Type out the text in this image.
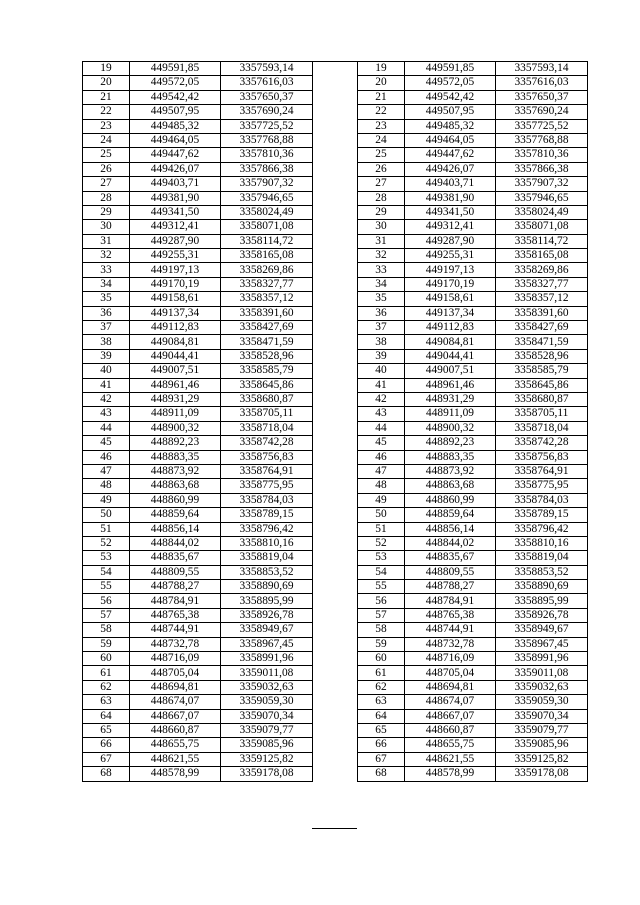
19	449591,85	3357593,14
20	449572,05	3357616,03
21	449542,42	3357650,37
22	449507,95	3357690,24
23	449485,32	3357725,52
24	449464,05	3357768,88
25	449447,62	3357810,36
26	449426,07	3357866,38
27	449403,71	3357907,32
28	449381,90	3357946,65
29	449341,50	3358024,49
30	449312,41	3358071,08
31	449287,90	3358114,72
32	449255,31	3358165,08
33	449197,13	3358269,86
34	449170,19	3358327,77
35	449158,61	3358357,12
36	449137,34	3358391,60
37	449112,83	3358427,69
38	449084,81	3358471,59
39	449044,41	3358528,96
40	449007,51	3358585,79
41	448961,46	3358645,86
42	448931,29	3358680,87
43	448911,09	3358705,11
44	448900,32	3358718,04
45	448892,23	3358742,28
46	448883,35	3358756,83
47	448873,92	3358764,91
48	448863,68	3358775,95
49	448860,99	3358784,03
50	448859,64	3358789,15
51	448856,14	3358796,42
52	448844,02	3358810,16
53	448835,67	3358819,04
54	448809,55	3358853,52
55	448788,27	3358890,69
56	448784,91	3358895,99
57	448765,38	3358926,78
58	448744,91	3358949,67
59	448732,78	3358967,45
60	448716,09	3358991,96
61	448705,04	3359011,08
62	448694,81	3359032,63
63	448674,07	3359059,30
64	448667,07	3359070,34
65	448660,87	3359079,77
66	448655,75	3359085,96
67	448621,55	3359125,82
68	448578,99	3359178,08
19	449591,85	3357593,14
20	449572,05	3357616,03
21	449542,42	3357650,37
22	449507,95	3357690,24
23	449485,32	3357725,52
24	449464,05	3357768,88
25	449447,62	3357810,36
26	449426,07	3357866,38
27	449403,71	3357907,32
28	449381,90	3357946,65
29	449341,50	3358024,49
30	449312,41	3358071,08
31	449287,90	3358114,72
32	449255,31	3358165,08
33	449197,13	3358269,86
34	449170,19	3358327,77
35	449158,61	3358357,12
36	449137,34	3358391,60
37	449112,83	3358427,69
38	449084,81	3358471,59
39	449044,41	3358528,96
40	449007,51	3358585,79
41	448961,46	3358645,86
42	448931,29	3358680,87
43	448911,09	3358705,11
44	448900,32	3358718,04
45	448892,23	3358742,28
46	448883,35	3358756,83
47	448873,92	3358764,91
48	448863,68	3358775,95
49	448860,99	3358784,03
50	448859,64	3358789,15
51	448856,14	3358796,42
52	448844,02	3358810,16
53	448835,67	3358819,04
54	448809,55	3358853,52
55	448788,27	3358890,69
56	448784,91	3358895,99
57	448765,38	3358926,78
58	448744,91	3358949,67
59	448732,78	3358967,45
60	448716,09	3358991,96
61	448705,04	3359011,08
62	448694,81	3359032,63
63	448674,07	3359059,30
64	448667,07	3359070,34
65	448660,87	3359079,77
66	448655,75	3359085,96
67	448621,55	3359125,82
68	448578,99	3359178,08
